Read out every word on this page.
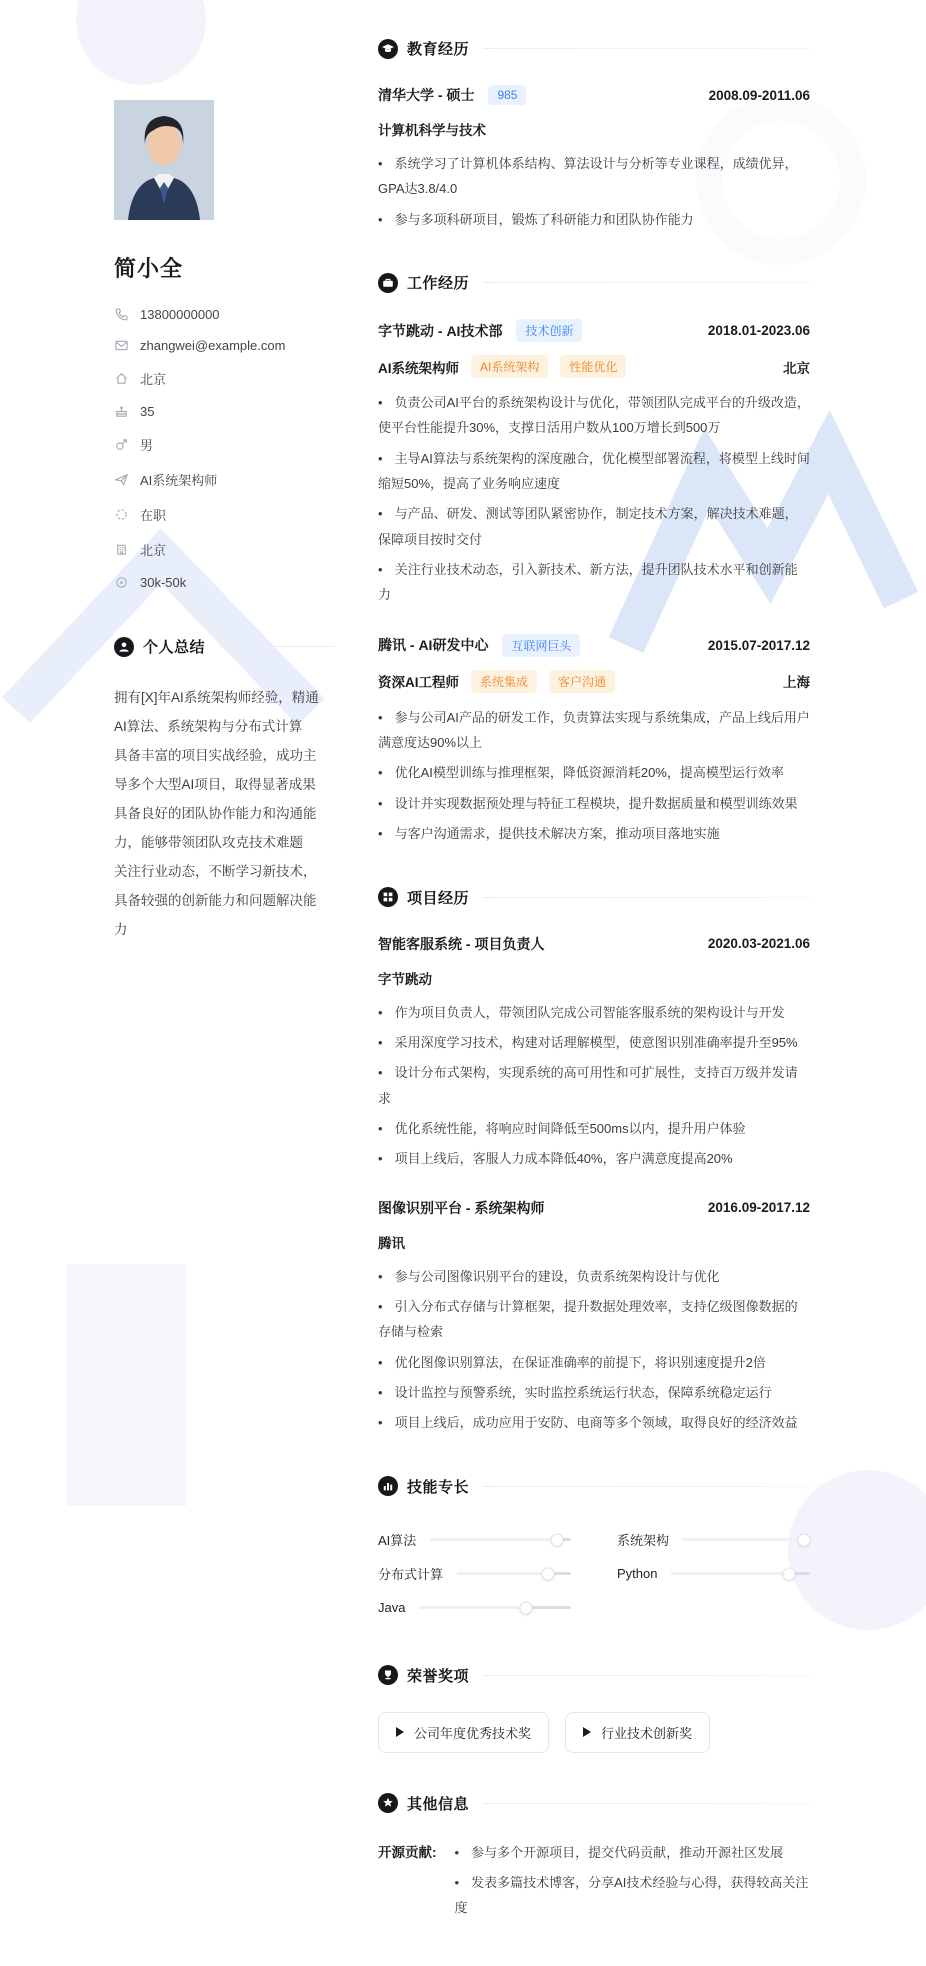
简小全
13800000000
zhangwei@example.com
北京
35
男
AI系统架构师
在职
北京
30k-50k
个人总结

拥有[X]年AI系统架构师经验，精通AI算法、系统架构与分布式计算 具备丰富的项目实战经验，成功主导多个大型AI项目，取得显著成果 具备良好的团队协作能力和沟通能力，能够带领团队攻克技术难题 关注行业动态，不断学习新技术，具备较强的创新能力和问题解决能力

教育经历
清华大学 - 硕士	985	2008.09-2011.06
计算机科学与技术
• 系统学习了计算机体系结构、算法设计与分析等专业课程，成绩优异，GPA达3.8/4.0
• 参与多项科研项目，锻炼了科研能力和团队协作能力
工作经历
字节跳动 - AI技术部	技术创新	2018.01-2023.06
AI系统架构师	AI系统架构	性能优化	北京
• 负责公司AI平台的系统架构设计与优化，带领团队完成平台的升级改造，使平台性能提升30%，支撑日活用户数从100万增长到500万
• 主导AI算法与系统架构的深度融合，优化模型部署流程，将模型上线时间缩短50%，提高了业务响应速度
• 与产品、研发、测试等团队紧密协作，制定技术方案，解决技术难题，保障项目按时交付
• 关注行业技术动态，引入新技术、新方法，提升团队技术水平和创新能力
腾讯 - AI研发中心	互联网巨头	2015.07-2017.12
资深AI工程师	系统集成	客户沟通	上海
• 参与公司AI产品的研发工作，负责算法实现与系统集成，产品上线后用户满意度达90%以上
• 优化AI模型训练与推理框架，降低资源消耗20%，提高模型运行效率
• 设计并实现数据预处理与特征工程模块，提升数据质量和模型训练效果
• 与客户沟通需求，提供技术解决方案，推动项目落地实施
项目经历
智能客服系统 - 项目负责人	2020.03-2021.06
字节跳动
• 作为项目负责人，带领团队完成公司智能客服系统的架构设计与开发
• 采用深度学习技术，构建对话理解模型，使意图识别准确率提升至95%
• 设计分布式架构，实现系统的高可用性和可扩展性，支持百万级并发请求
• 优化系统性能，将响应时间降低至500ms以内，提升用户体验
• 项目上线后，客服人力成本降低40%，客户满意度提高20%
图像识别平台 - 系统架构师	2016.09-2017.12
腾讯
• 参与公司图像识别平台的建设，负责系统架构设计与优化
• 引入分布式存储与计算框架，提升数据处理效率，支持亿级图像数据的存储与检索
• 优化图像识别算法，在保证准确率的前提下，将识别速度提升2倍
• 设计监控与预警系统，实时监控系统运行状态，保障系统稳定运行
• 项目上线后，成功应用于安防、电商等多个领域，取得良好的经济效益
技能专长
AI算法	系统架构
分布式计算	Python
Java
荣誉奖项
公司年度优秀技术奖	行业技术创新奖
其他信息
开源贡献:	• 参与多个开源项目，提交代码贡献，推动开源社区发展
• 发表多篇技术博客，分享AI技术经验与心得，获得较高关注度
